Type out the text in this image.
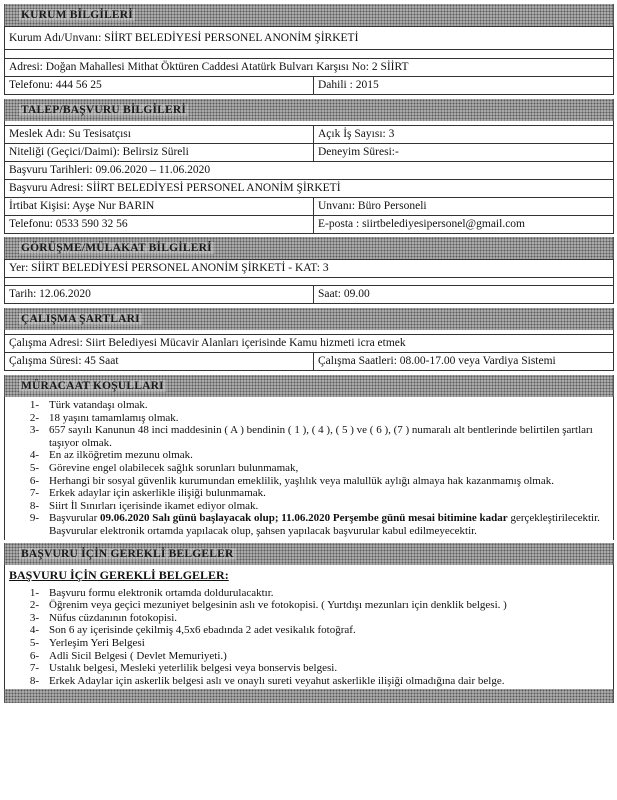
KURUM BİLGİLERİ
Kurum Adı/Unvanı: SİİRT BELEDİYESİ PERSONEL ANONİM ŞİRKETİ
Adresi: Doğan Mahallesi Mithat Öktüren Caddesi Atatürk Bulvarı Karşısı No: 2 SİİRT
Telefonu: 444 56 25	Dahili : 2015
TALEP/BAŞVURU BİLGİLERİ
Meslek Adı: Su Tesisatçısı	Açık İş Sayısı: 3
Niteliği (Geçici/Daimi): Belirsiz Süreli	Deneyim Süresi:-
Başvuru Tarihleri: 09.06.2020 – 11.06.2020
Başvuru Adresi: SİİRT BELEDİYESİ PERSONEL ANONİM ŞİRKETİ
İrtibat Kişisi: Ayşe Nur BARIN	Unvanı: Büro Personeli
Telefonu: 0533 590 32 56	E-posta : siirtbelediyesipersonel@gmail.com
GÖRÜŞME/MÜLAKAT BİLGİLERİ
Yer: SİİRT BELEDİYESİ PERSONEL ANONİM ŞİRKETİ - KAT: 3
Tarih: 12.06.2020	Saat: 09.00
ÇALIŞMA ŞARTLARI
Çalışma Adresi: Siirt Belediyesi Mücavir Alanları içerisinde Kamu hizmeti icra etmek
Çalışma Süresi: 45 Saat	Çalışma Saatleri: 08.00-17.00 veya Vardiya Sistemi
MÜRACAAT KOŞULLARI
1- Türk vatandaşı olmak.
2- 18 yaşını tamamlamış olmak.
3- 657 sayılı Kanunun 48 inci maddesinin ( A ) bendinin ( 1 ), ( 4 ), ( 5 ) ve ( 6 ), (7 ) numaralı alt bentlerinde belirtilen şartları taşıyor olmak.
4- En az ilköğretim mezunu olmak.
5- Görevine engel olabilecek sağlık sorunları bulunmamak,
6- Herhangi bir sosyal güvenlik kurumundan emeklilik, yaşlılık veya malullük aylığı almaya hak kazanmamış olmak.
7- Erkek adaylar için askerlikle ilişiği bulunmamak.
8- Siirt İl Sınırları içerisinde ikamet ediyor olmak.
9- Başvurular 09.06.2020 Salı günü başlayacak olup; 11.06.2020 Perşembe günü mesai bitimine kadar gerçekleştirilecektir. Başvurular elektronik ortamda yapılacak olup, şahsen yapılacak başvurular kabul edilmeyecektir.
BAŞVURU İÇİN GEREKLİ BELGELER
BAŞVURU İÇİN GEREKLİ BELGELER:
1- Başvuru formu elektronik ortamda doldurulacaktır.
2- Öğrenim veya geçici mezuniyet belgesinin aslı ve fotokopisi. ( Yurtdışı mezunları için denklik belgesi. )
3- Nüfus cüzdanının fotokopisi.
4- Son 6 ay içerisinde çekilmiş 4,5x6 ebadında 2 adet vesikalık fotoğraf.
5- Yerleşim Yeri Belgesi
6- Adli Sicil Belgesi ( Devlet Memuriyeti.)
7- Ustalık belgesi, Mesleki yeterlilik belgesi veya bonservis belgesi.
8- Erkek Adaylar için askerlik belgesi aslı ve onaylı sureti veyahut askerlikle ilişiği olmadığına dair belge.
